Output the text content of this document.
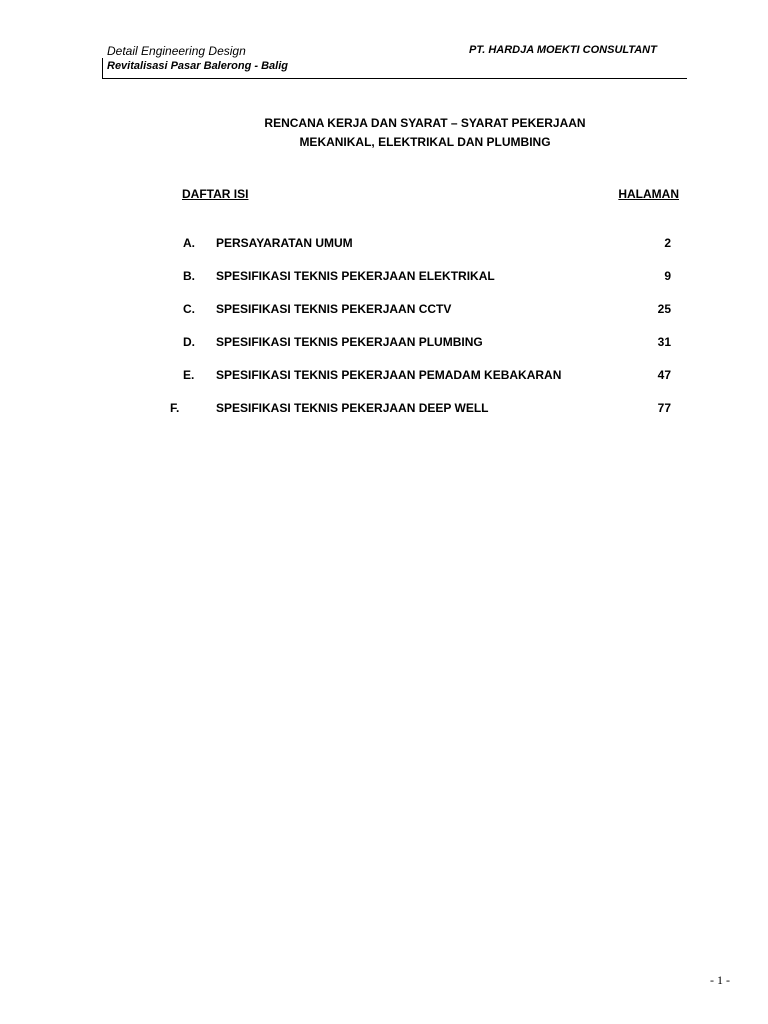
Detail Engineering Design	PT. HARDJA MOEKTI CONSULTANT
Revitalisasi Pasar Balerong - Balig
RENCANA KERJA DAN SYARAT – SYARAT PEKERJAAN
MEKANIKAL, ELEKTRIKAL DAN PLUMBING
DAFTAR ISI	HALAMAN
A. PERSAYARATAN UMUM	2
B. SPESIFIKASI TEKNIS PEKERJAAN ELEKTRIKAL	9
C. SPESIFIKASI TEKNIS PEKERJAAN CCTV	25
D. SPESIFIKASI TEKNIS PEKERJAAN PLUMBING	31
E. SPESIFIKASI TEKNIS PEKERJAAN PEMADAM KEBAKARAN	47
F.	SPESIFIKASI TEKNIS PEKERJAAN DEEP WELL	77
- 1 -
